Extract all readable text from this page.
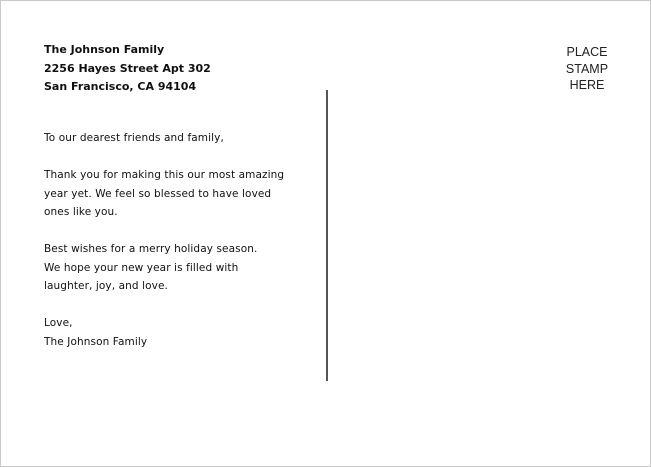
The Johnson Family
2256 Hayes Street Apt 302
San Francisco, CA 94104

To our dearest friends and family,

Thank you for making this our most amazing
year yet. We feel so blessed to have loved
ones like you.

Best wishes for a merry holiday season.
We hope your new year is filled with
laughter, joy, and love.

Love,
The Johnson Family

PLACE
STAMP
HERE
